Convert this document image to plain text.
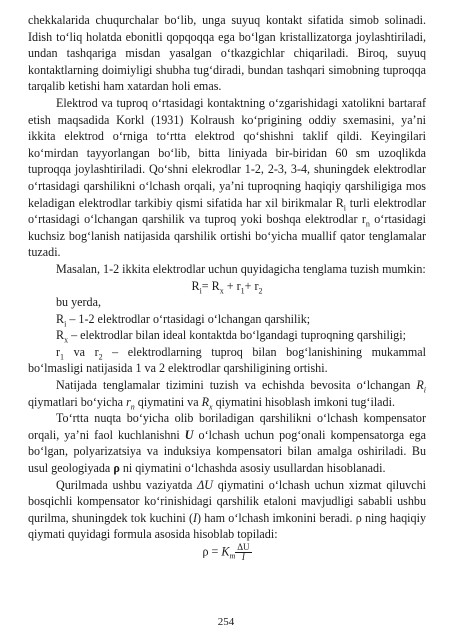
chekkalarida chuqurchalar bo‘lib, unga suyuq kontakt sifatida simob solinadi. Idish to‘liq holatda ebonitli qopqoqqa ega bo‘lgan kristallizatorga joylashtiriladi, undan tashqariga misdan yasalgan o‘tkazgichlar chiqariladi. Biroq, suyuq kontaktlarning doimiyligi shubha tug‘diradi, bundan tashqari simobning tuproqqa tarqalib ketishi ham xatardan holi emas.

Elektrod va tuproq o‘rtasidagi kontaktning o‘zgarishidagi xatolikni bartaraf etish maqsadida Korkl (1931) Kolraush ko‘prigining oddiy sxemasini, ya’ni ikkita elektrod o‘rniga to‘rtta elektrod qo‘shishni taklif qildi. Keyingilari ko‘mirdan tayyorlangan bo‘lib, bitta liniyada bir-biridan 60 sm uzoqlikda tuproqqa joylashtiriladi. Qo‘shni elekrodlar 1-2, 2-3, 3-4, shuningdek elektrodlar o‘rtasidagi qarshilikni o‘lchash orqali, ya’ni tuproqning haqiqiy qarshiligiga mos keladigan elektrodlar tarkibiy qismi sifatida har xil birikmalar $R_i$ turli elektrodlar o‘rtasidagi o‘lchangan qarshilik va tuproq yoki boshqa elektrodlar $r_n$ o‘rtasidagi kuchsiz bog‘lanish natijasida qarshilik ortishi bo‘yicha muallif qator tenglamalar tuzadi.

Masalan, 1-2 ikkita elektrodlar uchun quyidagicha tenglama tuzish mumkin:

$R_i= R_x + r_1+ r_2$

bu yerda,

$R_i - 1-2$ elektrodlar o‘rtasidagi o‘lchangan qarshilik;

$R_x$ – elektrodlar bilan ideal kontaktda bo‘lgandagi tuproqning qarshiligi;

$r_1$ va $r_2$ – elektrodlarning tuproq bilan bog‘lanishining mukammal bo‘lmasligi natijasida 1 va 2 elektrodlar qarshiligining ortishi.

Natijada tenglamalar tizimini tuzish va echishda bevosita o‘lchangan $R_i$ qiymatlari bo‘yicha $r_n$ qiymatini va $R_x$ qiymatini hisoblash imkoni tug‘iladi.

To‘rtta nuqta bo‘yicha olib boriladigan qarshilikni o‘lchash kompensator orqali, ya’ni faol kuchlanishni U o‘lchash uchun pog‘onali kompensatorga ega bo‘lgan, polyarizatsiya va induksiya kompensatori bilan amalga oshiriladi. Bu usul geologiyada ρ ni qiymatini o‘lchashda asosiy usullardan hisoblanadi.

Qurilmada ushbu vaziyatda ΔU qiymatini o‘lchash uchun xizmat qiluvchi bosqichli kompensator ko‘rinishidagi qarshilik etaloni mavjudligi sababli ushbu qurilma, shuningdek tok kuchini (I) ham o‘lchash imkonini beradi. ρ ning haqiqiy qiymati quyidagi formula asosida hisoblab topiladi:

$\rho = K_m \frac{\Delta U}{I}$

254
